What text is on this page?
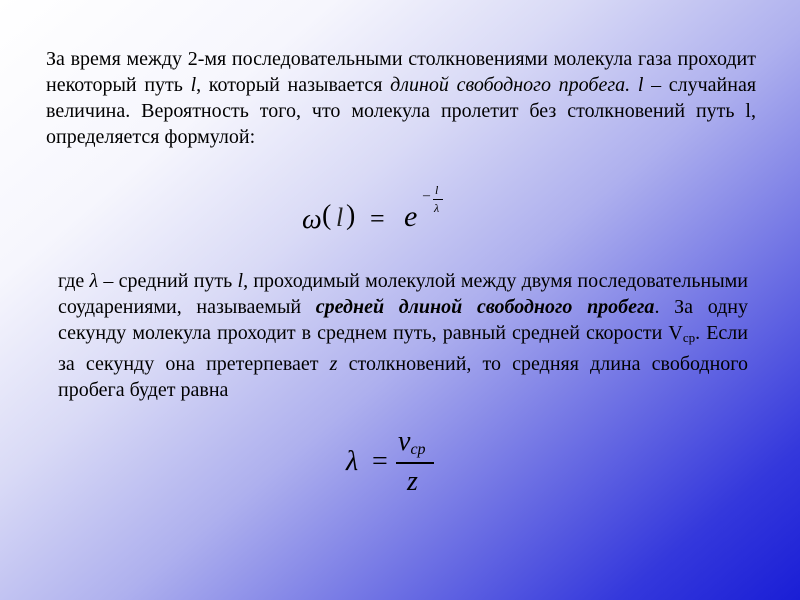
За время между 2-мя последовательными столкновениями молекула газа проходит некоторый путь l, который называется длиной свободного пробега. l – случайная величина. Вероятность того, что молекула пролетит без столкновений путь l, определяется формулой:

ω ( l ) = e
– l
λ

где λ – средний путь l, проходимый молекулой между двумя последовательными соударениями, называемый средней длиной свободного пробега. За одну секунду молекула проходит в среднем путь, равный средней скорости $V_{ср}$. Если за секунду она претерпевает z столкновений, то средняя длина свободного пробега будет равна

λ =
vcp
z
